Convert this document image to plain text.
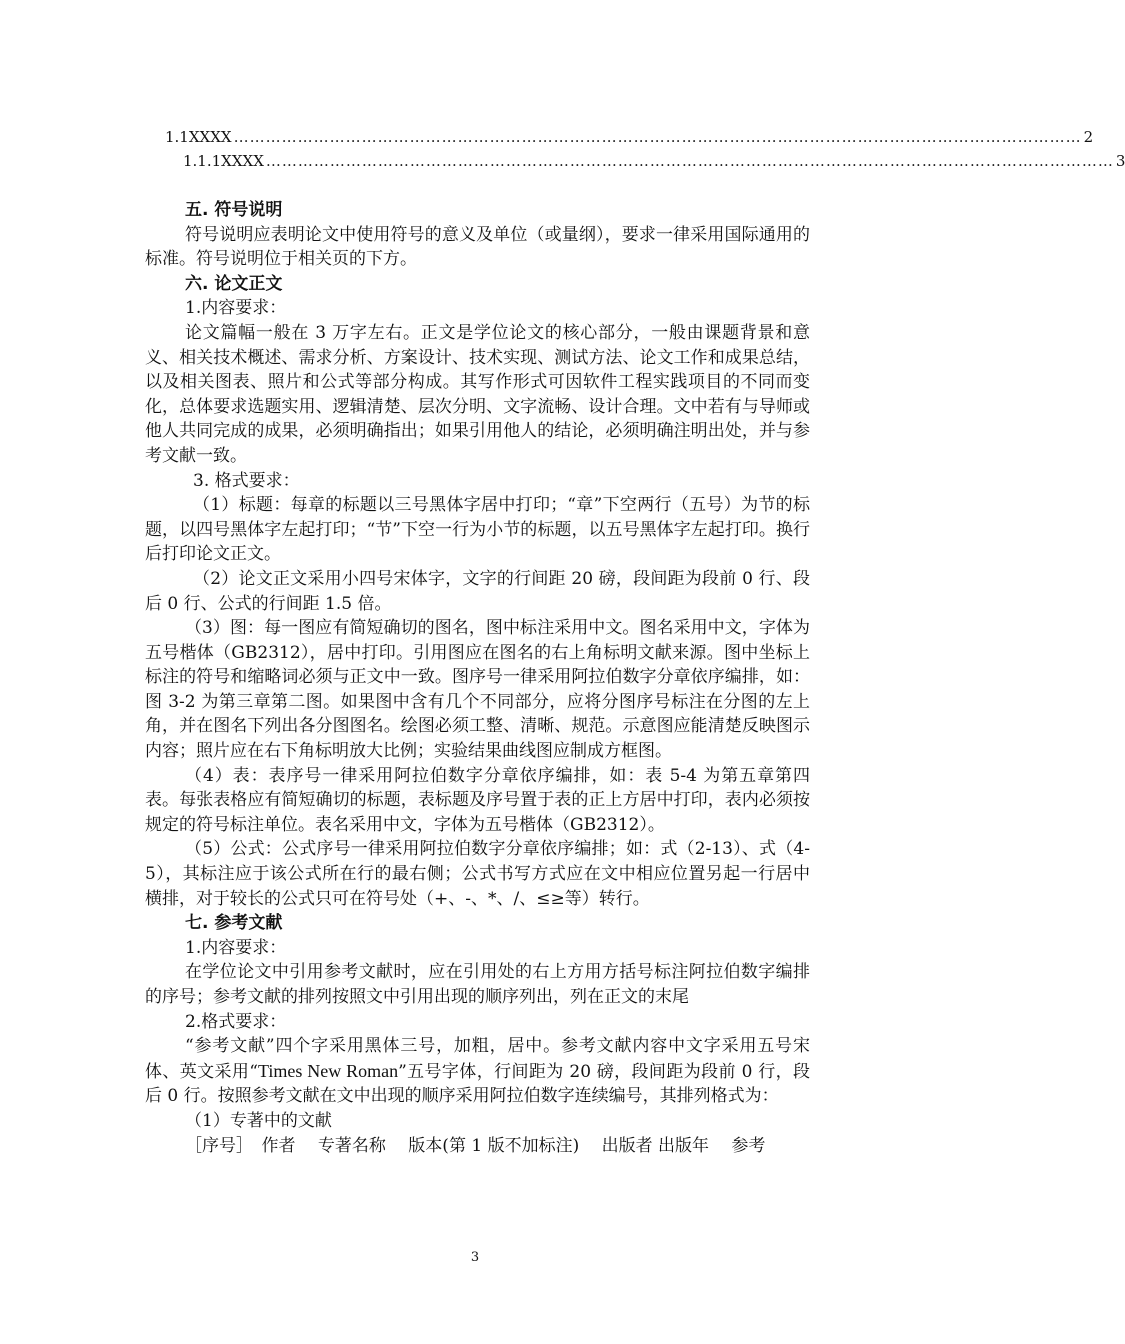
1.1 XXXX …………………………………………………………………………………………………………………………………………… 2
1.1.1 XXXX …………………………………………………………………………………………………………………………………………… 3

五. 符号说明

符号说明应表明论文中使用符号的意义及单位（或量纲），要求一律采用国际通用的标准。符号说明位于相关页的下方。

六. 论文正文

1.内容要求：

论文篇幅一般在 3 万字左右。正文是学位论文的核心部分，一般由课题背景和意义、相关技术概述、需求分析、方案设计、技术实现、测试方法、论文工作和成果总结，以及相关图表、照片和公式等部分构成。其写作形式可因软件工程实践项目的不同而变化，总体要求选题实用、逻辑清楚、层次分明、文字流畅、设计合理。文中若有与导师或他人共同完成的成果，必须明确指出；如果引用他人的结论，必须明确注明出处，并与参考文献一致。

3. 格式要求：

（1）标题：每章的标题以三号黑体字居中打印；“章”下空两行（五号）为节的标题，以四号黑体字左起打印；“节”下空一行为小节的标题，以五号黑体字左起打印。换行后打印论文正文。

（2）论文正文采用小四号宋体字，文字的行间距 20 磅，段间距为段前 0 行、段后 0 行、公式的行间距 1.5 倍。

（3）图：每一图应有简短确切的图名，图中标注采用中文。图名采用中文，字体为五号楷体（GB2312），居中打印。引用图应在图名的右上角标明文献来源。图中坐标上标注的符号和缩略词必须与正文中一致。图序号一律采用阿拉伯数字分章依序编排，如：图 3-2 为第三章第二图。如果图中含有几个不同部分，应将分图序号标注在分图的左上角，并在图名下列出各分图图名。绘图必须工整、清晰、规范。示意图应能清楚反映图示内容；照片应在右下角标明放大比例；实验结果曲线图应制成方框图。

（4）表：表序号一律采用阿拉伯数字分章依序编排，如：表 5-4 为第五章第四表。每张表格应有简短确切的标题，表标题及序号置于表的正上方居中打印，表内必须按规定的符号标注单位。表名采用中文，字体为五号楷体（GB2312）。

（5）公式：公式序号一律采用阿拉伯数字分章依序编排；如：式（2-13）、式（4-5），其标注应于该公式所在行的最右侧；公式书写方式应在文中相应位置另起一行居中横排，对于较长的公式只可在符号处（+、-、*、/、≤≥等）转行。

七. 参考文献

1.内容要求：

在学位论文中引用参考文献时，应在引用处的右上方用方括号标注阿拉伯数字编排的序号；参考文献的排列按照文中引用出现的顺序列出，列在正文的末尾

2.格式要求：

“参考文献”四个字采用黑体三号，加粗，居中。参考文献内容中文字采用五号宋体、英文采用“Times New Roman”五号字体，行间距为 20 磅，段间距为段前 0 行，段后 0 行。按照参考文献在文中出现的顺序采用阿拉伯数字连续编号，其排列格式为：

（1）专著中的文献

［序号］　作者　 专著名称　 版本(第 1 版不加标注)　 出版者 出版年　 参考

3
